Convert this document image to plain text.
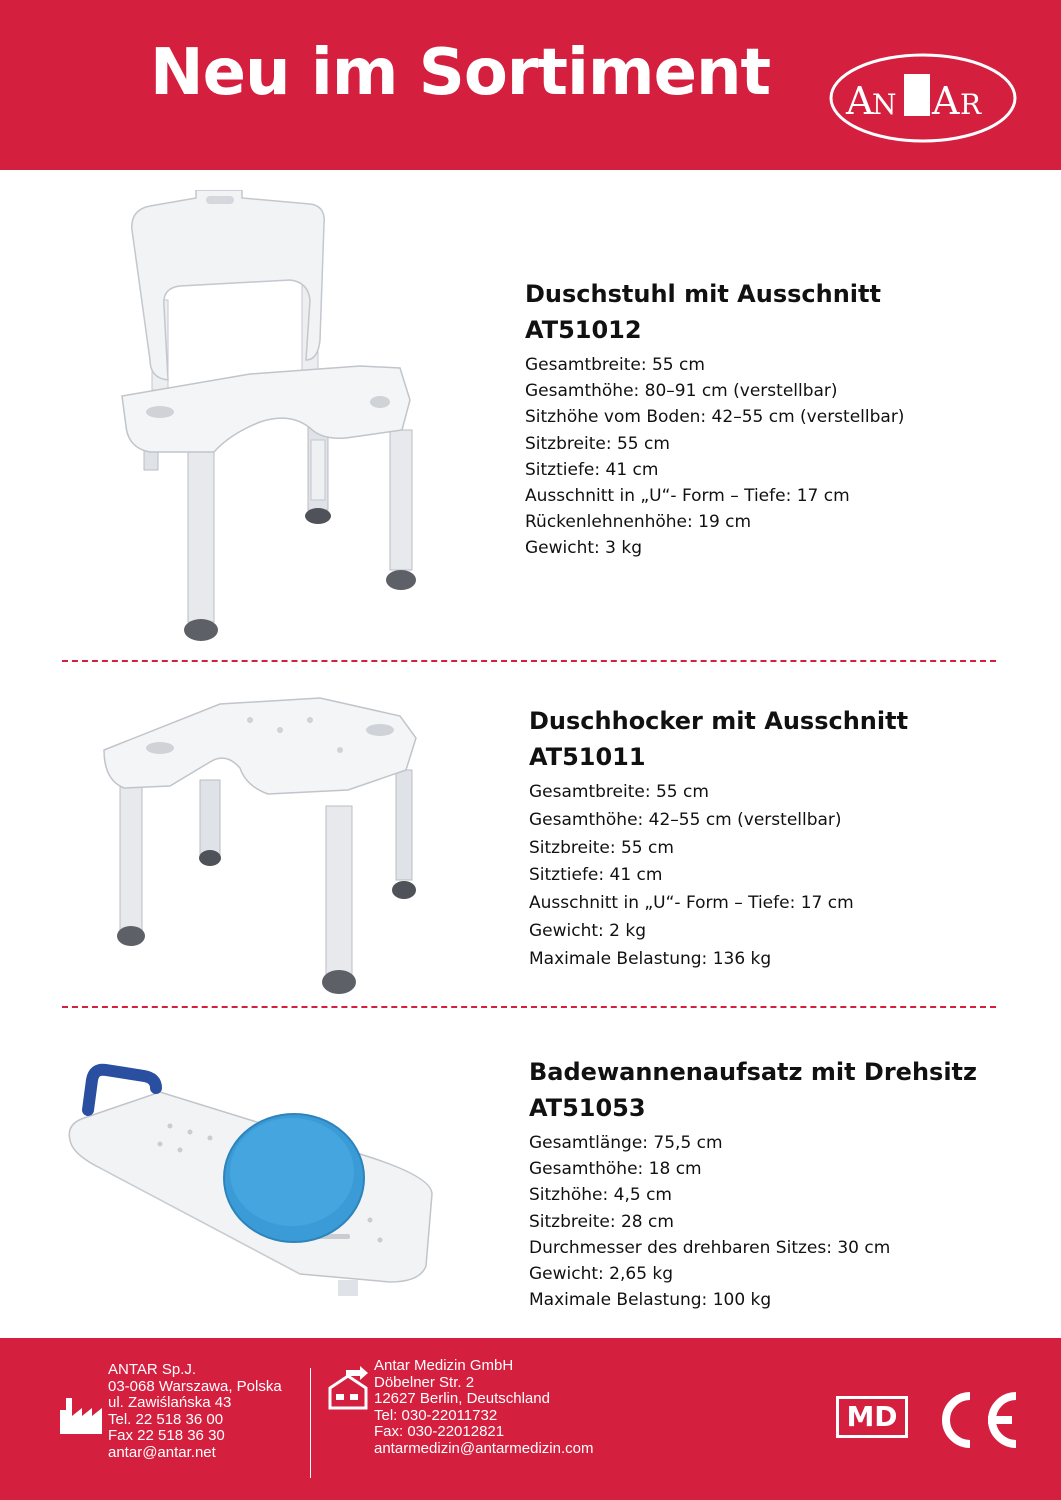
Neu im Sortiment A
N A R
Duschstuhl mit Ausschnitt
AT51012
Gesamtbreite: 55 cm
Gesamthöhe: 80–91 cm (verstellbar)
Sitzhöhe vom Boden: 42–55 cm (verstellbar)
Sitzbreite: 55 cm
Sitztiefe: 41 cm
Ausschnitt in „U“- Form – Tiefe: 17 cm
Rückenlehnenhöhe: 19 cm
Gewicht: 3 kg
Duschhocker mit Ausschnitt
AT51011
Gesamtbreite: 55 cm
Gesamthöhe: 42–55 cm (verstellbar)
Sitzbreite: 55 cm
Sitztiefe: 41 cm
Ausschnitt in „U“- Form – Tiefe: 17 cm
Gewicht: 2 kg
Maximale Belastung: 136 kg
Badewannenaufsatz mit Drehsitz
AT51053
Gesamtlänge: 75,5 cm
Gesamthöhe: 18 cm
Sitzhöhe: 4,5 cm
Sitzbreite: 28 cm
Durchmesser des drehbaren Sitzes: 30 cm
Gewicht: 2,65 kg
Maximale Belastung: 100 kg
ANTAR Sp.J.
03-068 Warszawa, Polska
ul. Zawiślańska 43
Tel. 22 518 36 00
Fax 22 518 36 30
antar@antar.net
Antar Medizin GmbH
Döbelner Str. 2
12627 Berlin, Deutschland
Tel: 030-22011732
Fax: 030-22012821
antarmedizin@antarmedizin.com
MD
